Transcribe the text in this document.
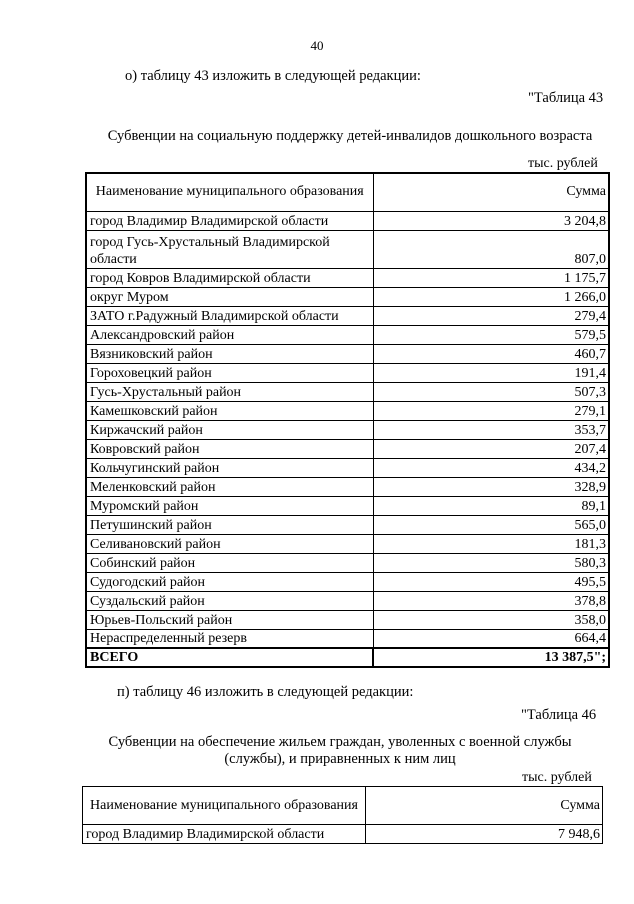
40
о) таблицу 43 изложить в следующей редакции:
"Таблица 43
Субвенции на социальную поддержку детей-инвалидов дошкольного возраста
тыс. рублей
Наименование муниципального образования	Сумма
город Владимир Владимирской области	3 204,8
город Гусь-Хрустальный Владимирской области	807,0
город Ковров Владимирской области	1 175,7
округ Муром	1 266,0
ЗАТО г.Радужный Владимирской области	279,4
Александровский район	579,5
Вязниковский район	460,7
Гороховецкий район	191,4
Гусь-Хрустальный район	507,3
Камешковский район	279,1
Киржачский район	353,7
Ковровский район	207,4
Кольчугинский район	434,2
Меленковский район	328,9
Муромский район	89,1
Петушинский район	565,0
Селивановский район	181,3
Собинский район	580,3
Судогодский район	495,5
Суздальский район	378,8
Юрьев-Польский район	358,0
Нераспределенный резерв	664,4
ВСЕГО	13 387,5";
п) таблицу 46 изложить в следующей редакции:
"Таблица 46
Субвенции на обеспечение жильем граждан, уволенных с военной службы
(службы), и приравненных к ним лиц
тыс. рублей
Наименование муниципального образования	Сумма
город Владимир Владимирской области	7 948,6
